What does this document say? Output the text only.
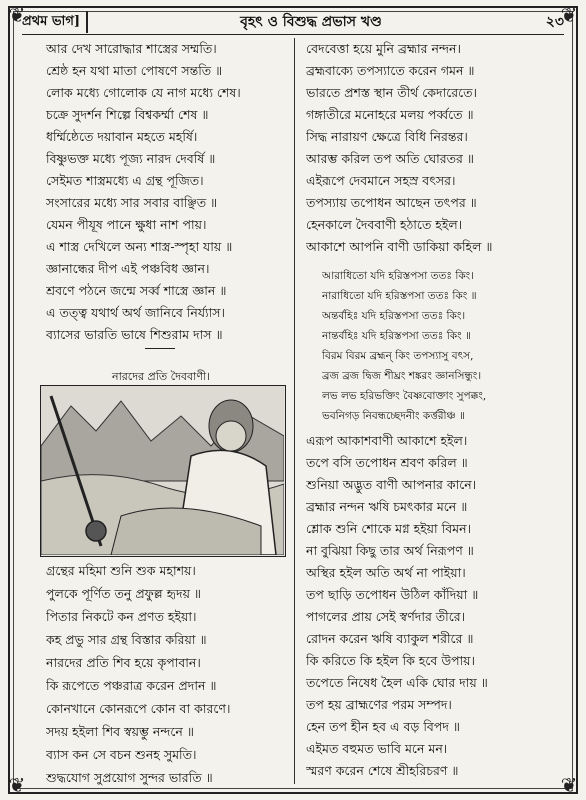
❦	❦
❦	❦
প্রথম ভাগ]	বৃহৎ ও বিশুদ্ধ প্রভাস খণ্ড	২৩
আর দেখ সারোদ্ধার শাস্ত্রের সম্মতি।
শ্রেষ্ঠ হন যথা মাতা পোষণে সন্ততি ॥
লোক মধ্যে গোলোক যে নাগ মধ্যে শেষ।
চক্রে সুদর্শন শিল্পে বিশ্বকর্ম্মা শেষ ॥
ধর্ম্মিষ্ঠেতে দয়াবান মহতে মহর্ষি।
বিষ্ণুভক্ত মধ্যে পূজ্য নারদ দেবর্ষি ॥
সেইমত শাস্ত্রমধ্যে এ গ্রন্থ পূজিত।
সংসারের মধ্যে সার সবার বাঞ্ছিত ॥
যেমন পীযূষ পানে ক্ষুধা নাশ পায়।
এ শাস্ত্র দেখিলে অন্য শাস্ত্র-স্পৃহা যায় ॥
জ্ঞানান্ধের দীপ এই পঞ্চবিধ জ্ঞান।
শ্রবণে পঠনে জন্মে সর্ব্ব শাস্ত্রে জ্ঞান ॥
এ তত্ত্ব যথার্থ অর্থ জানিবে নির্য্যাস।
ব্যাসের ভারতি ভাষে শিশুরাম দাস ॥
নারদের প্রতি দৈববাণী।
গ্রন্থের মহিমা শুনি শুক মহাশয়।
পুলকে পূর্ণিত তনু প্রফুল্ল হৃদয় ॥
পিতার নিকটে কন প্রণত হইয়া।
কহ প্রভু সার গ্রন্থ বিস্তার করিয়া ॥
নারদের প্রতি শিব হয়ে কৃপাবান।
কি রূপেতে পঞ্চরাত্র করেন প্রদান ॥
কোনখানে কোনরূপে কোন বা কারণে।
সদয় হইলা শিব স্বয়ম্ভু নন্দনে ॥
ব্যাস কন সে বচন শুনহ সুমতি।
শুদ্ধযোগ সুপ্রয়োগ সুন্দর ভারতি ॥
বেদবেত্তা হয়ে মুনি ব্রহ্মার নন্দন।
ব্রহ্মবাক্যে তপস্যাতে করেন গমন ॥
ভারতে প্রশস্ত স্থান তীর্থ কেদারেতে।
গঙ্গাতীরে মনোহরে মলয় পর্ব্বতে ॥
সিদ্ধ নারায়ণ ক্ষেত্রে বিধি নিরন্তর।
আরম্ভ করিল তপ অতি ঘোরতর ॥
এইরূপে দেবমানে সহস্র বৎসর।
তপস্যায় তপোধন আছেন তৎপর ॥
হেনকালে দৈববাণী হঠাতে হইল।
আকাশে আপনি বাণী ডাকিয়া কহিল ॥
আরাধিতো যদি হরিস্তপসা ততঃ কিং।
নারাধিতো যদি হরিস্তপসা ততঃ কিং ॥
অন্তর্বহিঃ যদি হরিস্তপসা ততঃ কিং।
নান্তর্বহিঃ যদি হরিস্তপসা ততঃ কিং ॥
বিরম বিরম ব্রহ্মন্ কিং তপস্যাসু বৎস,
ব্রজ ব্রজ দ্বিজ শীঘ্রং শঙ্করং জ্ঞানসিন্ধুং।
লভ লভ হরিভক্তিং বৈষ্ণবোক্তাং সুপক্কং,
ভবনিগড় নিবন্ধচ্ছেদনীং কর্ত্তরীঞ্চ ॥
এরূপ আকাশবাণী আকাশে হইল।
তপে বসি তপোধন শ্রবণ করিল ॥
শুনিয়া অদ্ভুত বাণী আপনার কানে।
ব্রহ্মার নন্দন ঋষি চমৎকার মনে ॥
শ্লোক শুনি শোকে মগ্ন হইয়া বিমন।
না বুঝিয়া কিছু তার অর্থ নিরূপণ ॥
অস্থির হইল অতি অর্থ না পাইয়া।
তপ ছাড়ি তপোধন উঠিল কাঁদিয়া ॥
পাগলের প্রায় সেই স্বর্ণদার তীরে।
রোদন করেন ঋষি ব্যাকুল শরীরে ॥
কি করিতে কি হইল কি হবে উপায়।
তপেতে নিষেধ হৈল একি ঘোর দায় ॥
তপ হয় ব্রাহ্মণের পরম সম্পদ।
হেন তপ হীন হব এ বড় বিপদ ॥
এইমত বহুমত ভাবি মনে মন।
স্মরণ করেন শেষে শ্রীহরিচরণ ॥
